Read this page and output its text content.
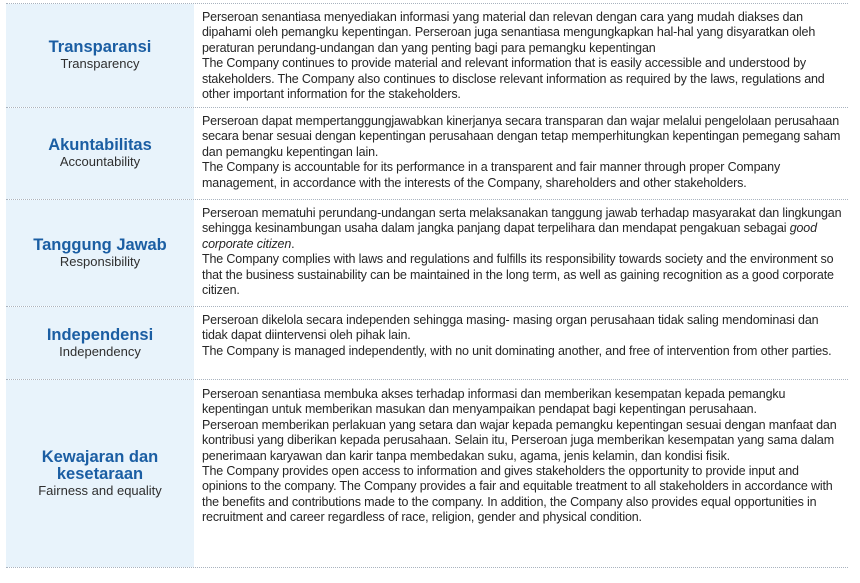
Transparansi
Transparency

Perseroan senantiasa menyediakan informasi yang material dan relevan dengan cara yang mudah diakses dan dipahami oleh pemangku kepentingan. Perseroan juga senantiasa mengungkapkan hal-hal yang disyaratkan oleh peraturan perundang-undangan dan yang penting bagi para pemangku kepentingan

The Company continues to provide material and relevant information that is easily accessible and understood by stakeholders. The Company also continues to disclose relevant information as required by the laws, regulations and other important information for the stakeholders.

Akuntabilitas
Accountability

Perseroan dapat mempertanggungjawabkan kinerjanya secara transparan dan wajar melalui pengelolaan perusahaan secara benar sesuai dengan kepentingan perusahaan dengan tetap memperhitungkan kepentingan pemegang saham dan pemangku kepentingan lain.

The Company is accountable for its performance in a transparent and fair manner through proper Company management, in accordance with the interests of the Company, shareholders and other stakeholders.

Tanggung Jawab
Responsibility

Perseroan mematuhi perundang-undangan serta melaksanakan tanggung jawab terhadap masyarakat dan lingkungan sehingga kesinambungan usaha dalam jangka panjang dapat terpelihara dan mendapat pengakuan sebagai good corporate citizen.

The Company complies with laws and regulations and fulfills its responsibility towards society and the environment so that the business sustainability can be maintained in the long term, as well as gaining recognition as a good corporate citizen.

Independensi
Independency

Perseroan dikelola secara independen sehingga masing- masing organ perusahaan tidak saling mendominasi dan tidak dapat diintervensi oleh pihak lain.

The Company is managed independently, with no unit dominating another, and free of intervention from other parties.

Kewajaran dan kesetaraan
Fairness and equality

Perseroan senantiasa membuka akses terhadap informasi dan memberikan kesempatan kepada pemangku kepentingan untuk memberikan masukan dan menyampaikan pendapat bagi kepentingan perusahaan.

Perseroan memberikan perlakuan yang setara dan wajar kepada pemangku kepentingan sesuai dengan manfaat dan kontribusi yang diberikan kepada perusahaan. Selain itu, Perseroan juga memberikan kesempatan yang sama dalam penerimaan karyawan dan karir tanpa membedakan suku, agama, jenis kelamin, dan kondisi fisik.

The Company provides open access to information and gives stakeholders the opportunity to provide input and opinions to the company. The Company provides a fair and equitable treatment to all stakeholders in accordance with the benefits and contributions made to the company. In addition, the Company also provides equal opportunities in recruitment and career regardless of race, religion, gender and physical condition.
